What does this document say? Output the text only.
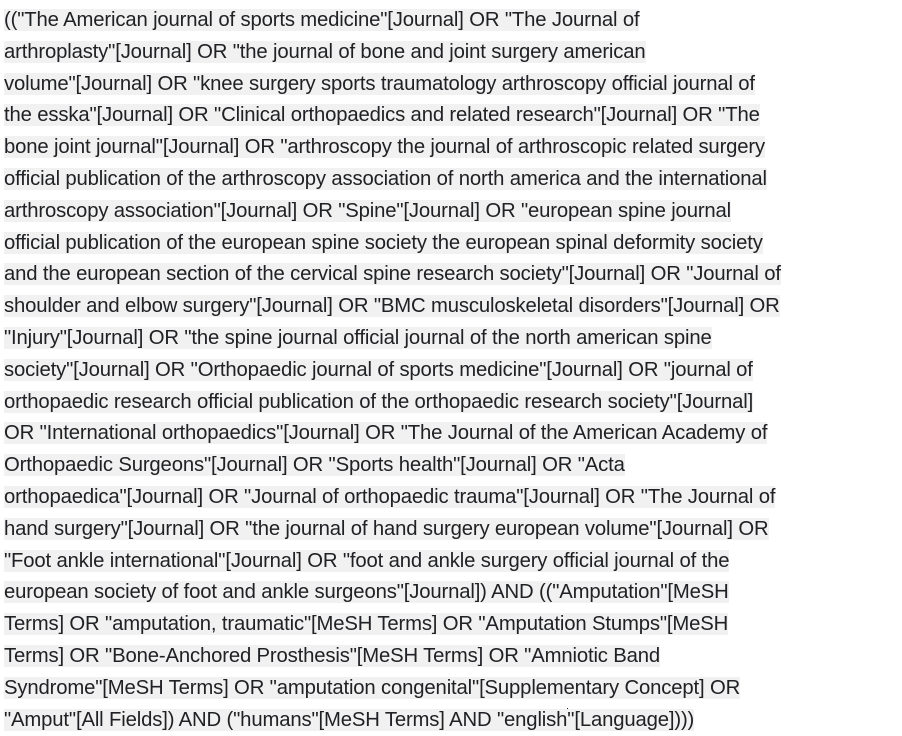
(("The American journal of sports medicine"[Journal] OR "The Journal of
arthroplasty"[Journal] OR "the journal of bone and joint surgery american
volume"[Journal] OR "knee surgery sports traumatology arthroscopy official journal of
the esska"[Journal] OR "Clinical orthopaedics and related research"[Journal] OR "The
bone joint journal"[Journal] OR "arthroscopy the journal of arthroscopic related surgery
official publication of the arthroscopy association of north america and the international
arthroscopy association"[Journal] OR "Spine"[Journal] OR "european spine journal
official publication of the european spine society the european spinal deformity society
and the european section of the cervical spine research society"[Journal] OR "Journal of
shoulder and elbow surgery"[Journal] OR "BMC musculoskeletal disorders"[Journal] OR
"Injury"[Journal] OR "the spine journal official journal of the north american spine
society"[Journal] OR "Orthopaedic journal of sports medicine"[Journal] OR "journal of
orthopaedic research official publication of the orthopaedic research society"[Journal]
OR "International orthopaedics"[Journal] OR "The Journal of the American Academy of
Orthopaedic Surgeons"[Journal] OR "Sports health"[Journal] OR "Acta
orthopaedica"[Journal] OR "Journal of orthopaedic trauma"[Journal] OR "The Journal of
hand surgery"[Journal] OR "the journal of hand surgery european volume"[Journal] OR
"Foot ankle international"[Journal] OR "foot and ankle surgery official journal of the
european society of foot and ankle surgeons"[Journal]) AND (("Amputation"[MeSH
Terms] OR "amputation, traumatic"[MeSH Terms] OR "Amputation Stumps"[MeSH
Terms] OR "Bone-Anchored Prosthesis"[MeSH Terms] OR "Amniotic Band
Syndrome"[MeSH Terms] OR "amputation congenital"[Supplementary Concept] OR
"Amput"[All Fields]) AND ("humans"[MeSH Terms] AND "english"[Language])))
